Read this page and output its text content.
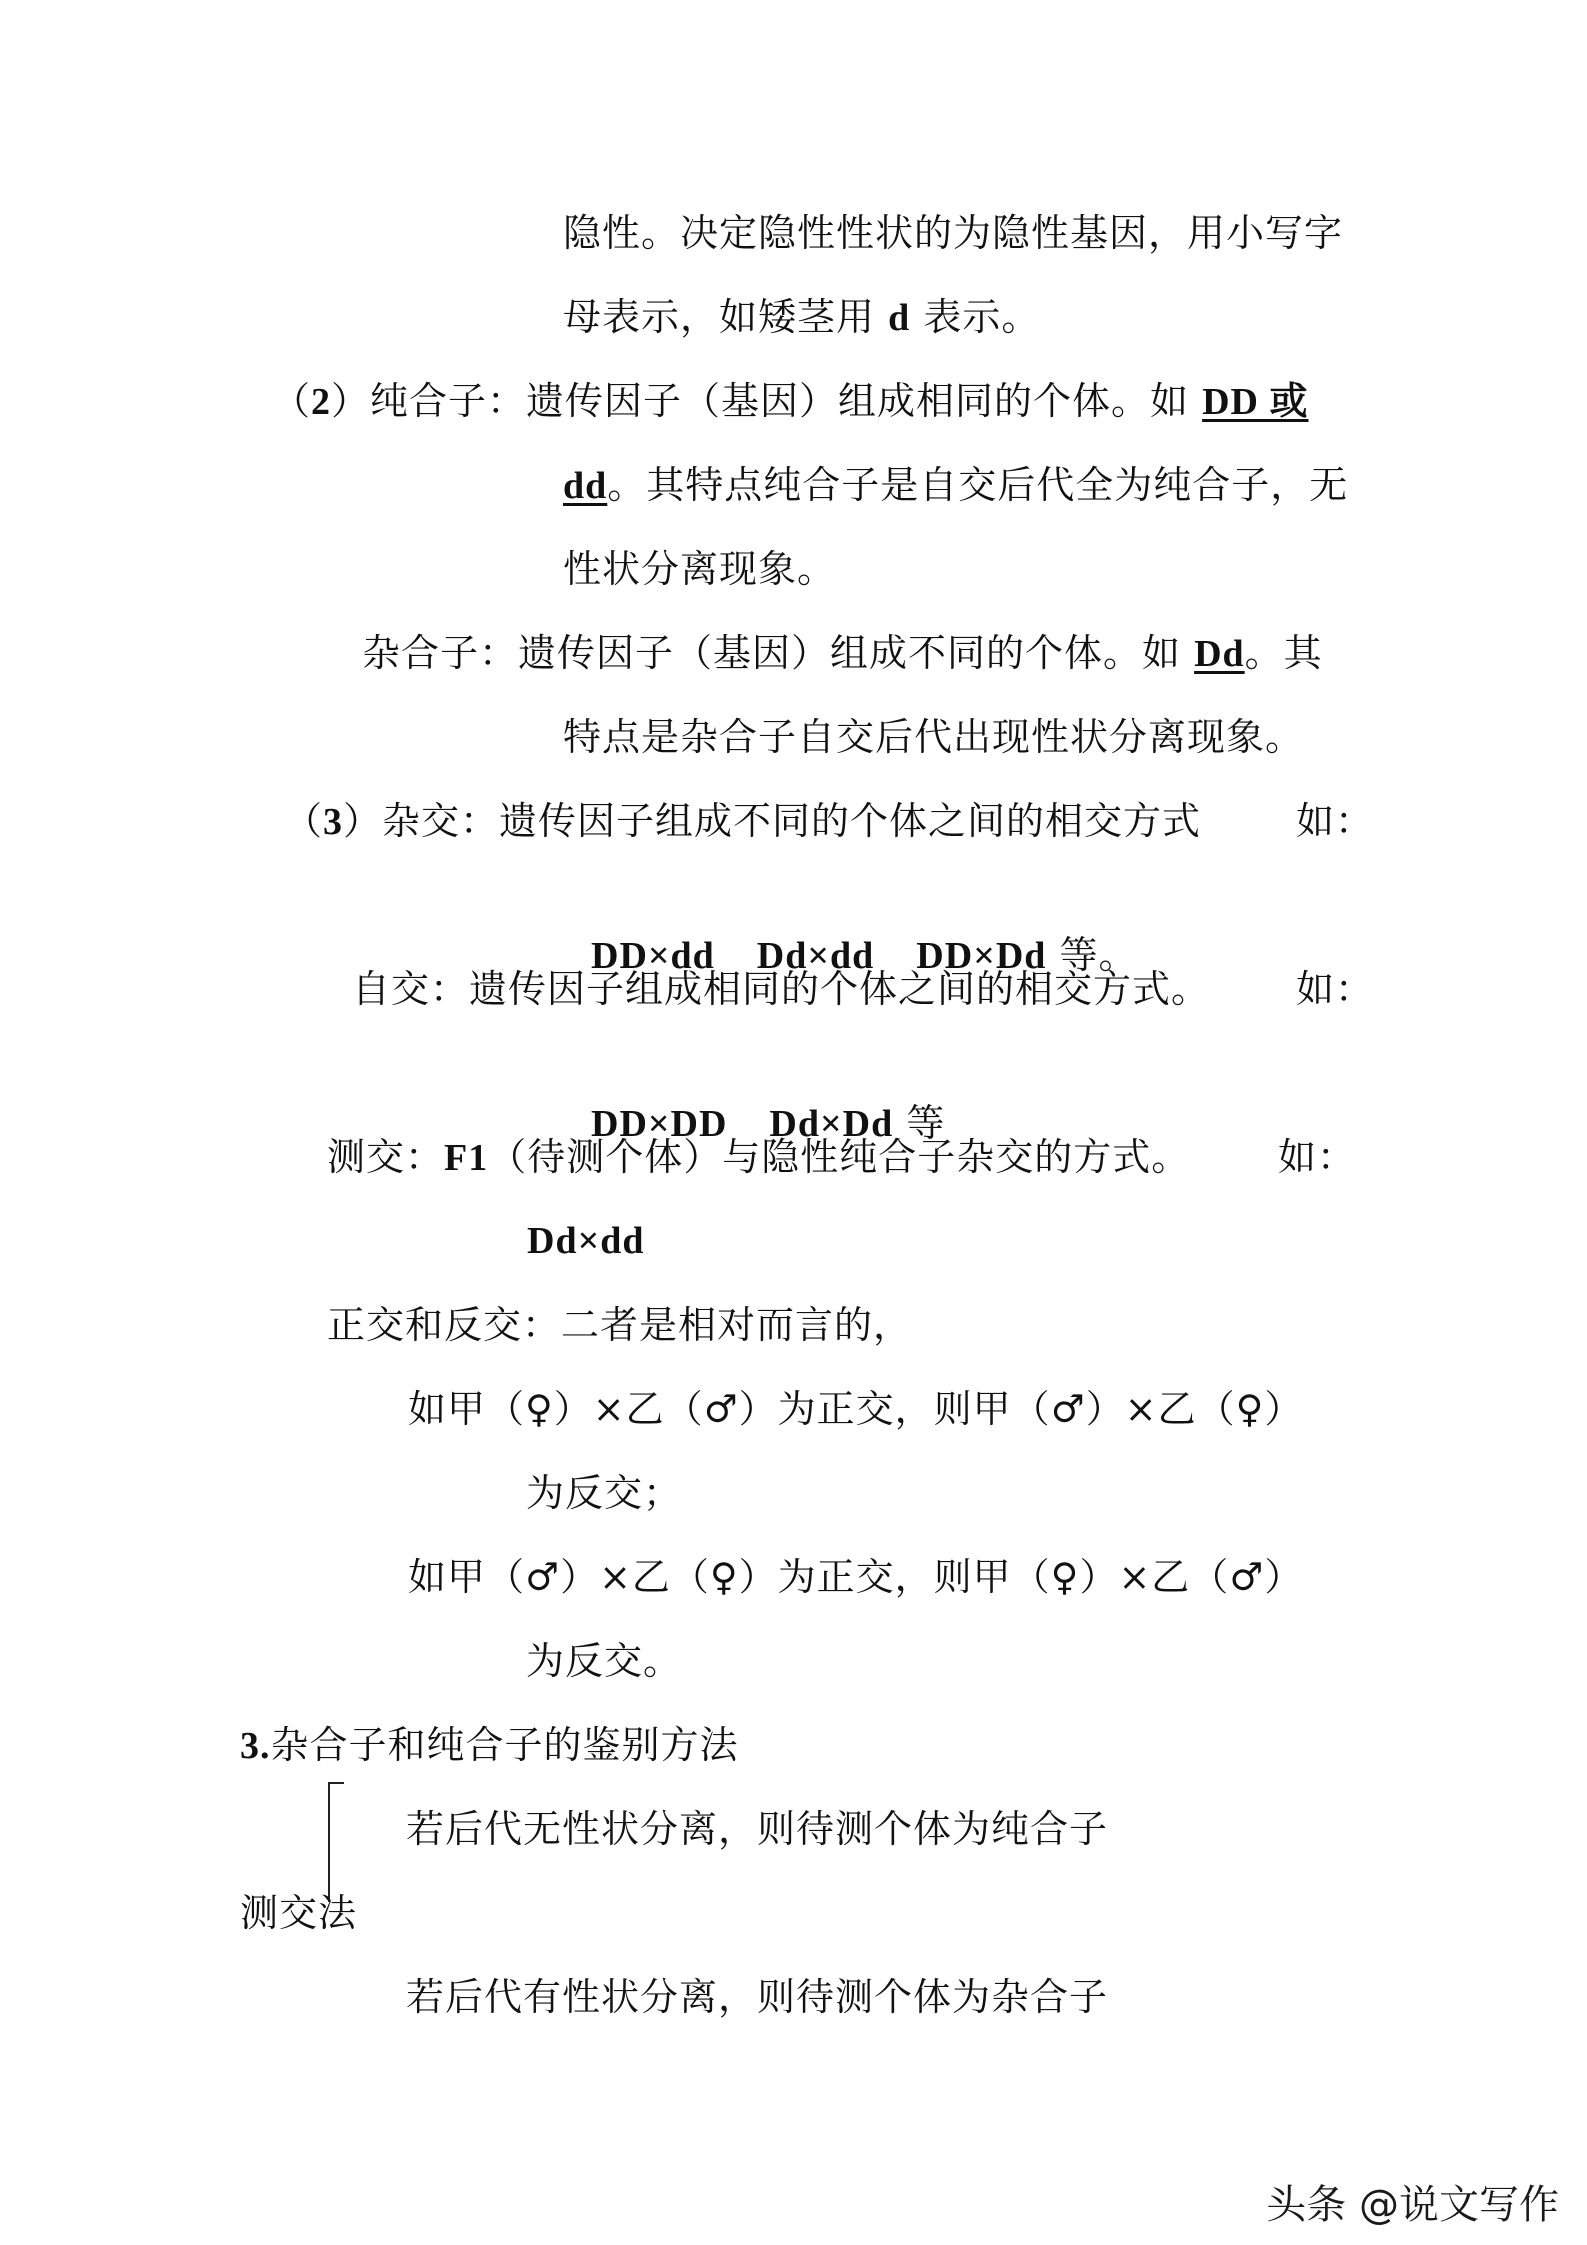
隐性。决定隐性性状的为隐性基因，用小写字
母表示，如矮茎用 d 表示。
（2）纯合子：遗传因子（基因）组成相同的个体。如 DD 或
dd。其特点纯合子是自交后代全为纯合子，无
性状分离现象。
杂合子：遗传因子（基因）组成不同的个体。如 Dd。其
特点是杂合子自交后代出现性状分离现象。
（3）杂交：遗传因子组成不同的个体之间的相交方式 如：

DD×dd    Dd×dd    DD×Dd 等。

自交：遗传因子组成相同的个体之间的相交方式。 如：

DD×DD    Dd×Dd 等

测交：F1（待测个体）与隐性纯合子杂交的方式。 如：
Dd×dd
正交和反交：二者是相对而言的，
如甲（♀）×乙（♂）为正交，则甲（♂）×乙（♀）
为反交；
如甲（♂）×乙（♀）为正交，则甲（♀）×乙（♂）
为反交。
3.杂合子和纯合子的鉴别方法
若后代无性状分离，则待测个体为纯合子
测交法
若后代有性状分离，则待测个体为杂合子
头条 @说文写作
